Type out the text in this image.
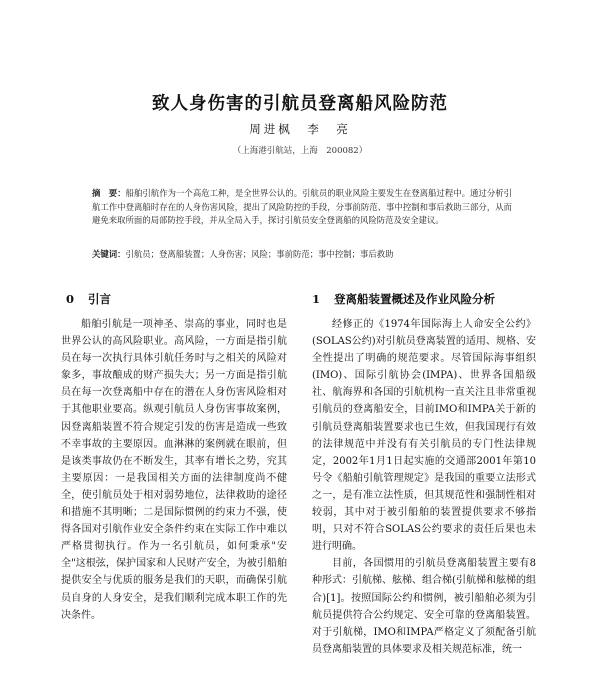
致人身伤害的引航员登离船风险防范
周进枫　李　亮
（上海港引航站，上海　200082）
摘　要：船舶引航作为一个高危工种，是全世界公认的。引航员的职业风险主要发生在登离船过程中。通过分析引航工作中登离船时存在的人身伤害风险，提出了风险防控的手段，分事前防范、事中控制和事后救助三部分，从而避免来取所面的局部防控手段，并从全局入手，探讨引航员安全登离船的风险防范及安全建议。
关键词：引航员；登离船装置；人身伤害；风险；事前防范；事中控制；事后救助
0 引言	1 登离船装置概述及作业风险分析

船舶引航是一项神圣、崇高的事业，同时也是世界公认的高风险职业。高风险，一方面是指引航员在每一次执行具体引航任务时与之相关的风险对象多，事故酿成的财产损失大；另一方面是指引航员在每一次登离船中存在的潜在人身伤害风险相对于其他职业要高。纵观引航员人身伤害事故案例，因登离船装置不符合规定引发的伤害是造成一些致不幸事故的主要原因。血淋淋的案例就在眼前，但是该类事故仍在不断发生，其率有增长之势，究其主要原因：一是我国相关方面的法律制度尚不健全，使引航员处于相对弱势地位，法律救助的途径和措施不其明晰；二是国际惯例的约束力不强，使得各国对引航作业安全条件约束在实际工作中难以严格贯彻执行。作为一名引航员，如何秉承"安全"这根弦，保护国家和人民财产安全，为被引船舶提供安全与优质的服务是我们的天职，而确保引航员自身的人身安全，是我们顺利完成本职工作的先决条件。

经修正的《1974年国际海上人命安全公约》(SOLAS公约)对引航员登离装置的适用、规格、安全性提出了明确的规范要求。尽管国际海事组织(IMO)、国际引航协会(IMPA)、世界各国船级社、航海界和各国的引航机构一直关注且非常重视引航员的登离船安全，目前IMO和IMPA关于新的引航员登离船装置要求也已生效，但我国现行有效的法律规范中并没有有关引航员的专门性法律规定，2002年1月1日起实施的交通部2001年第10号令《船舶引航管理规定》是我国的重要立法形式之一，是有准立法性质，但其规范性和强制性相对较弱，其中对于被引船舶的装置提供要求不够指明，只对不符合SOLAS公约要求的责任后果也未进行明确。

目前，各国惯用的引航员登离船装置主要有8种形式：引航梯、舷梯、组合梯(引航梯和舷梯的组合)[1]。按照国际公约和惯例，被引船舶必须为引航员提供符合公约规定、安全可靠的登离船装置。对于引航梯，IMO和IMPA严格定义了须配备引航员登离船装置的具体要求及相关规范标准，统一
